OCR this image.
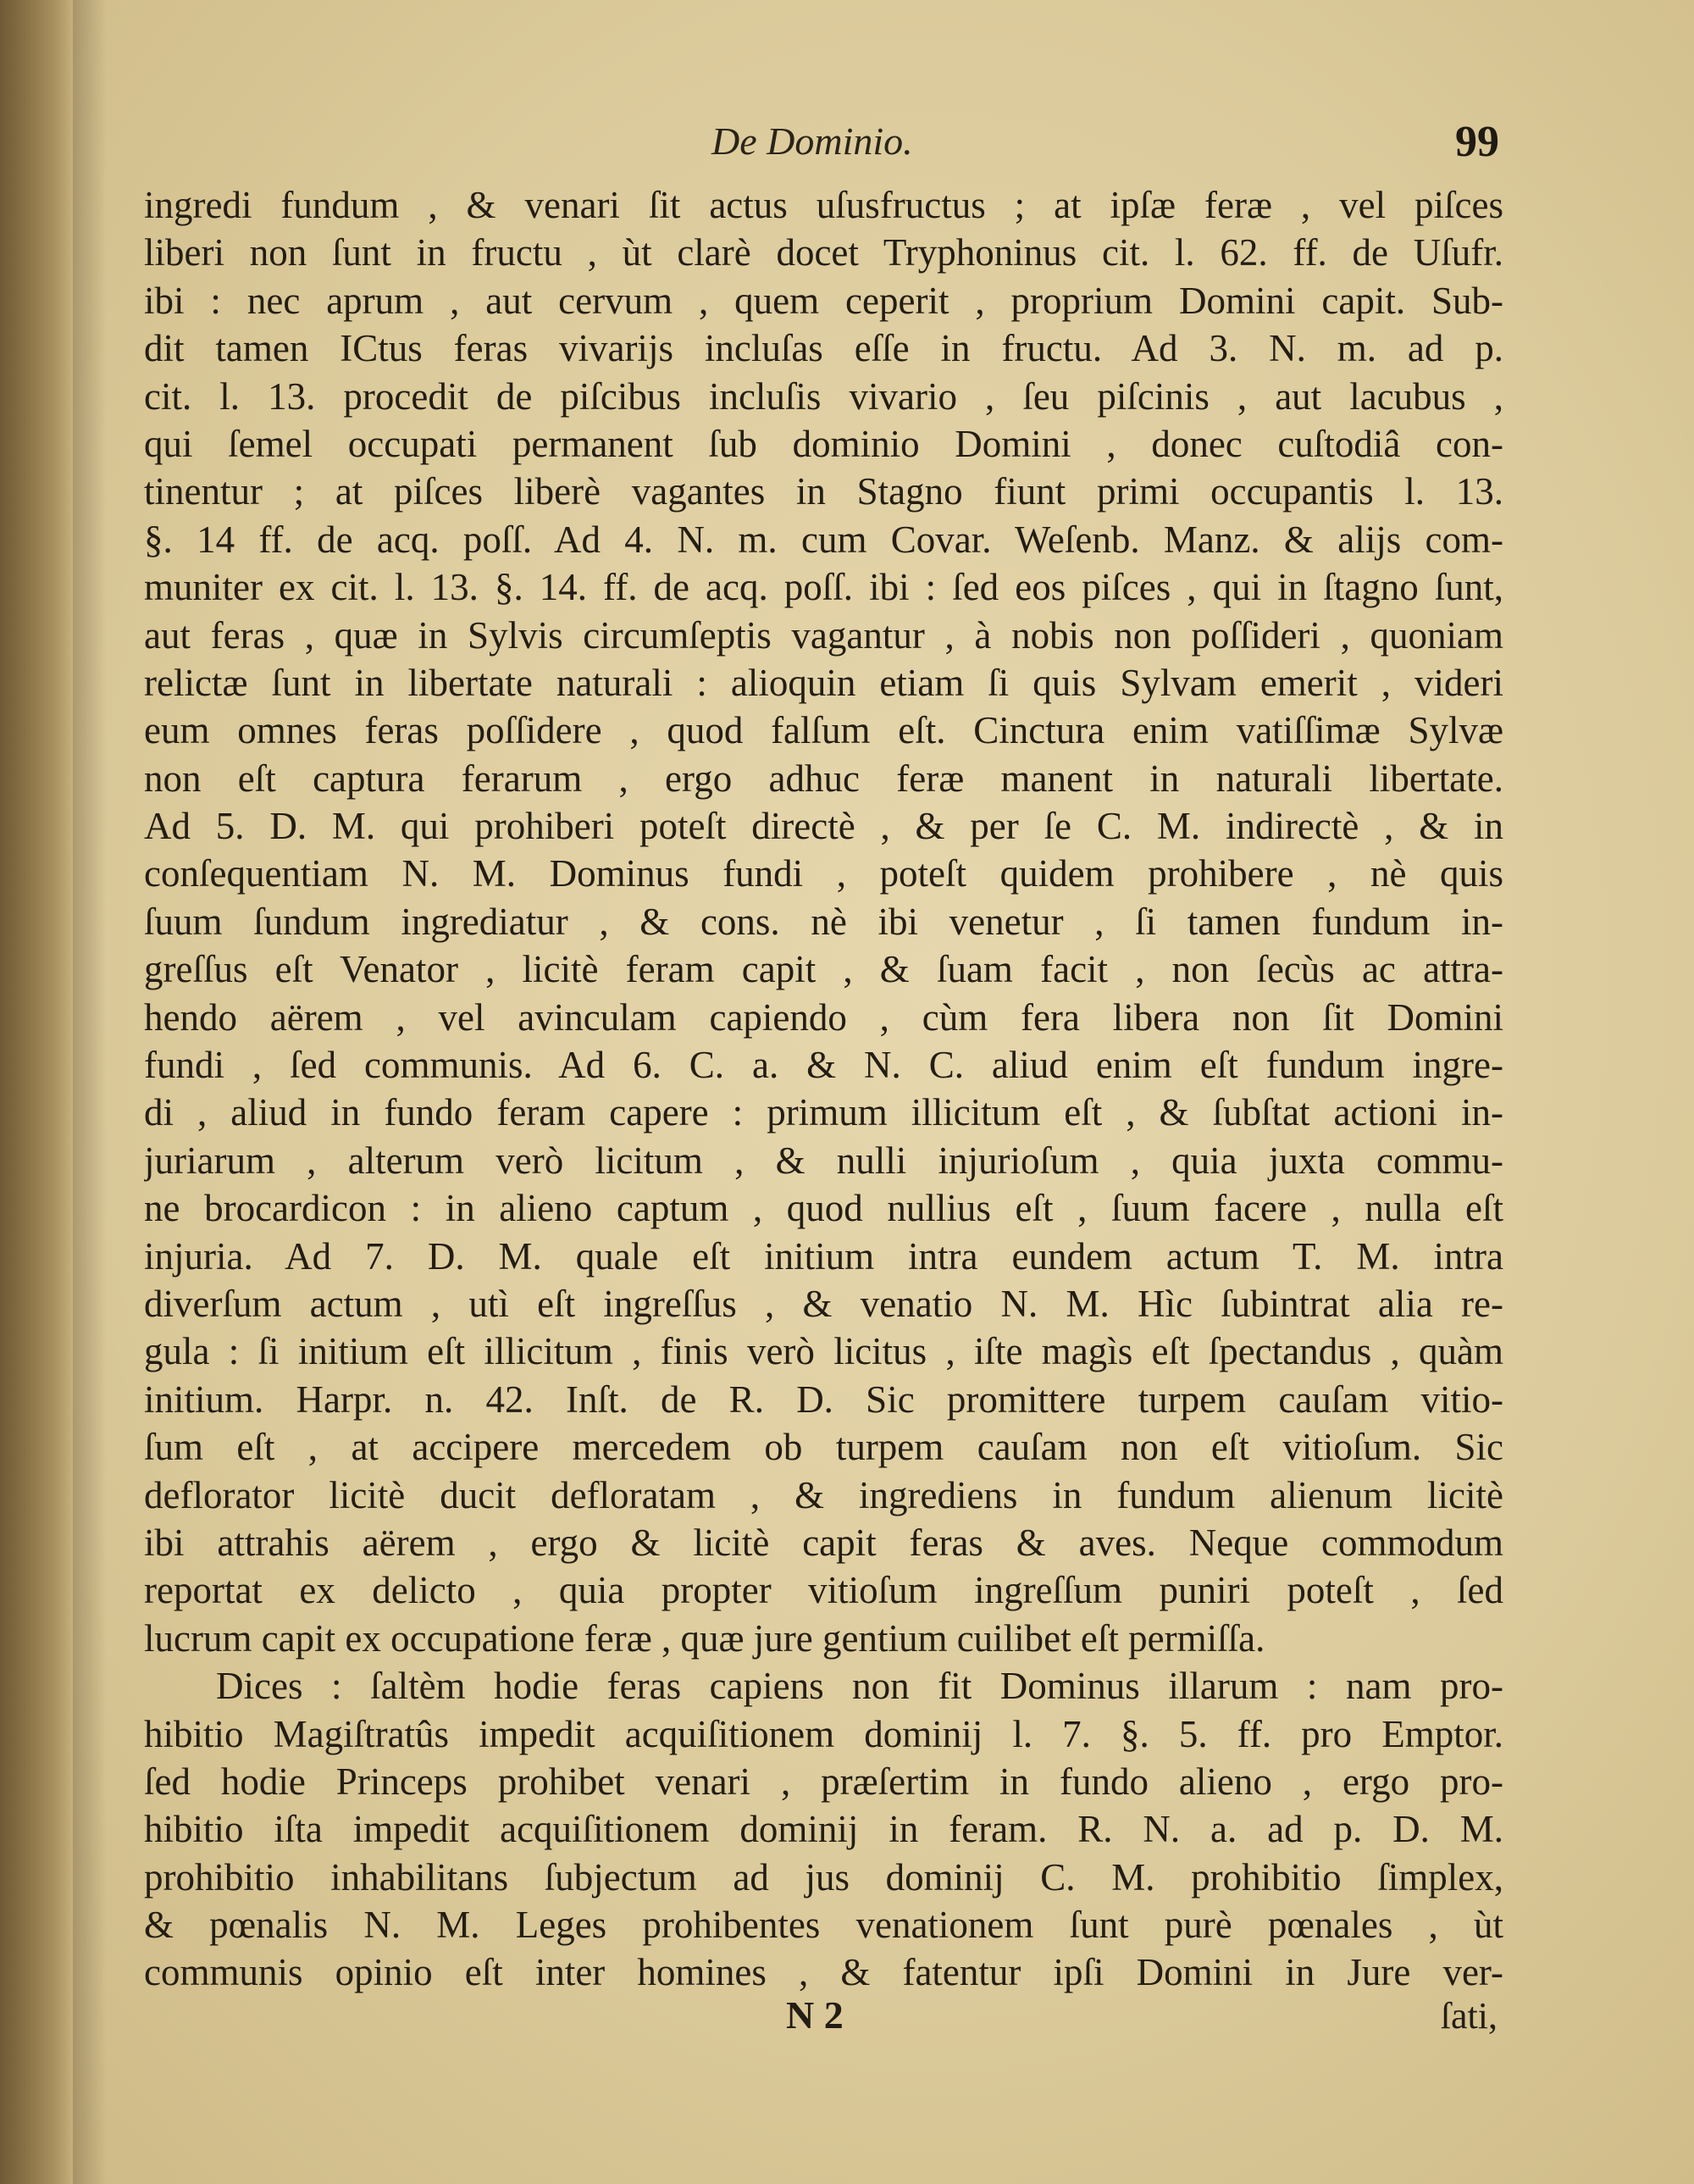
De Dominio.	99
ingredi fundum , & venari ſit actus uſusfructus ; at ipſæ feræ , vel piſces
liberi non ſunt in fructu , ùt clarè docet Tryphoninus cit. l. 62. ff. de Uſufr.
ibi : nec aprum , aut cervum , quem ceperit , proprium Domini capit. Sub-
dit tamen ICtus feras vivarijs incluſas eſſe in fructu. Ad 3. N. m. ad p.
cit. l. 13. procedit de piſcibus incluſis vivario , ſeu piſcinis , aut lacubus ,
qui ſemel occupati permanent ſub dominio Domini , donec cuſtodiâ con-
tinentur ; at piſces liberè vagantes in Stagno fiunt primi occupantis l. 13.
§. 14 ff. de acq. poſſ. Ad 4. N. m. cum Covar. Weſenb. Manz. & alijs com-
muniter ex cit. l. 13. §. 14. ff. de acq. poſſ. ibi : ſed eos piſces , qui in ſtagno ſunt,
aut feras , quæ in Sylvis circumſeptis vagantur , à nobis non poſſideri , quoniam
relictæ ſunt in libertate naturali : alioquin etiam ſi quis Sylvam emerit , videri
eum omnes feras poſſidere , quod falſum eſt. Cinctura enim vatiſſimæ Sylvæ
non eſt captura ferarum , ergo adhuc feræ manent in naturali libertate.
Ad 5. D. M. qui prohiberi poteſt directè , & per ſe C. M. indirectè , & in
conſequentiam N. M. Dominus fundi , poteſt quidem prohibere , nè quis
ſuum ſundum ingrediatur , & cons. nè ibi venetur , ſi tamen fundum in-
greſſus eſt Venator , licitè feram capit , & ſuam facit , non ſecùs ac attra-
hendo aërem , vel avinculam capiendo , cùm fera libera non ſit Domini
fundi , ſed communis. Ad 6. C. a. & N. C. aliud enim eſt fundum ingre-
di , aliud in fundo feram capere : primum illicitum eſt , & ſubſtat actioni in-
juriarum , alterum verò licitum , & nulli injurioſum , quia juxta commu-
ne brocardicon : in alieno captum , quod nullius eſt , ſuum facere , nulla eſt
injuria. Ad 7. D. M. quale eſt initium intra eundem actum T. M. intra
diverſum actum , utì eſt ingreſſus , & venatio N. M. Hìc ſubintrat alia re-
gula : ſi initium eſt illicitum , finis verò licitus , iſte magìs eſt ſpectandus , quàm
initium. Harpr. n. 42. Inſt. de R. D. Sic promittere turpem cauſam vitio-
ſum eſt , at accipere mercedem ob turpem cauſam non eſt vitioſum. Sic
deflorator licitè ducit defloratam , & ingrediens in fundum alienum licitè
ibi attrahis aërem , ergo & licitè capit feras & aves. Neque commodum
reportat ex delicto , quia propter vitioſum ingreſſum puniri poteſt , ſed
lucrum capit ex occupatione feræ , quæ jure gentium cuilibet eſt permiſſa.
Dices : ſaltèm hodie feras capiens non fit Dominus illarum : nam pro-
hibitio Magiſtratûs impedit acquiſitionem dominij l. 7. §. 5. ff. pro Emptor.
ſed hodie Princeps prohibet venari , præſertim in fundo alieno , ergo pro-
hibitio iſta impedit acquiſitionem dominij in feram. R. N. a. ad p. D. M.
prohibitio inhabilitans ſubjectum ad jus dominij C. M. prohibitio ſimplex,
& pœnalis N. M. Leges prohibentes venationem ſunt purè pœnales , ùt
communis opinio eſt inter homines , & fatentur ipſi Domini in Jure ver-
N 2	ſati,
